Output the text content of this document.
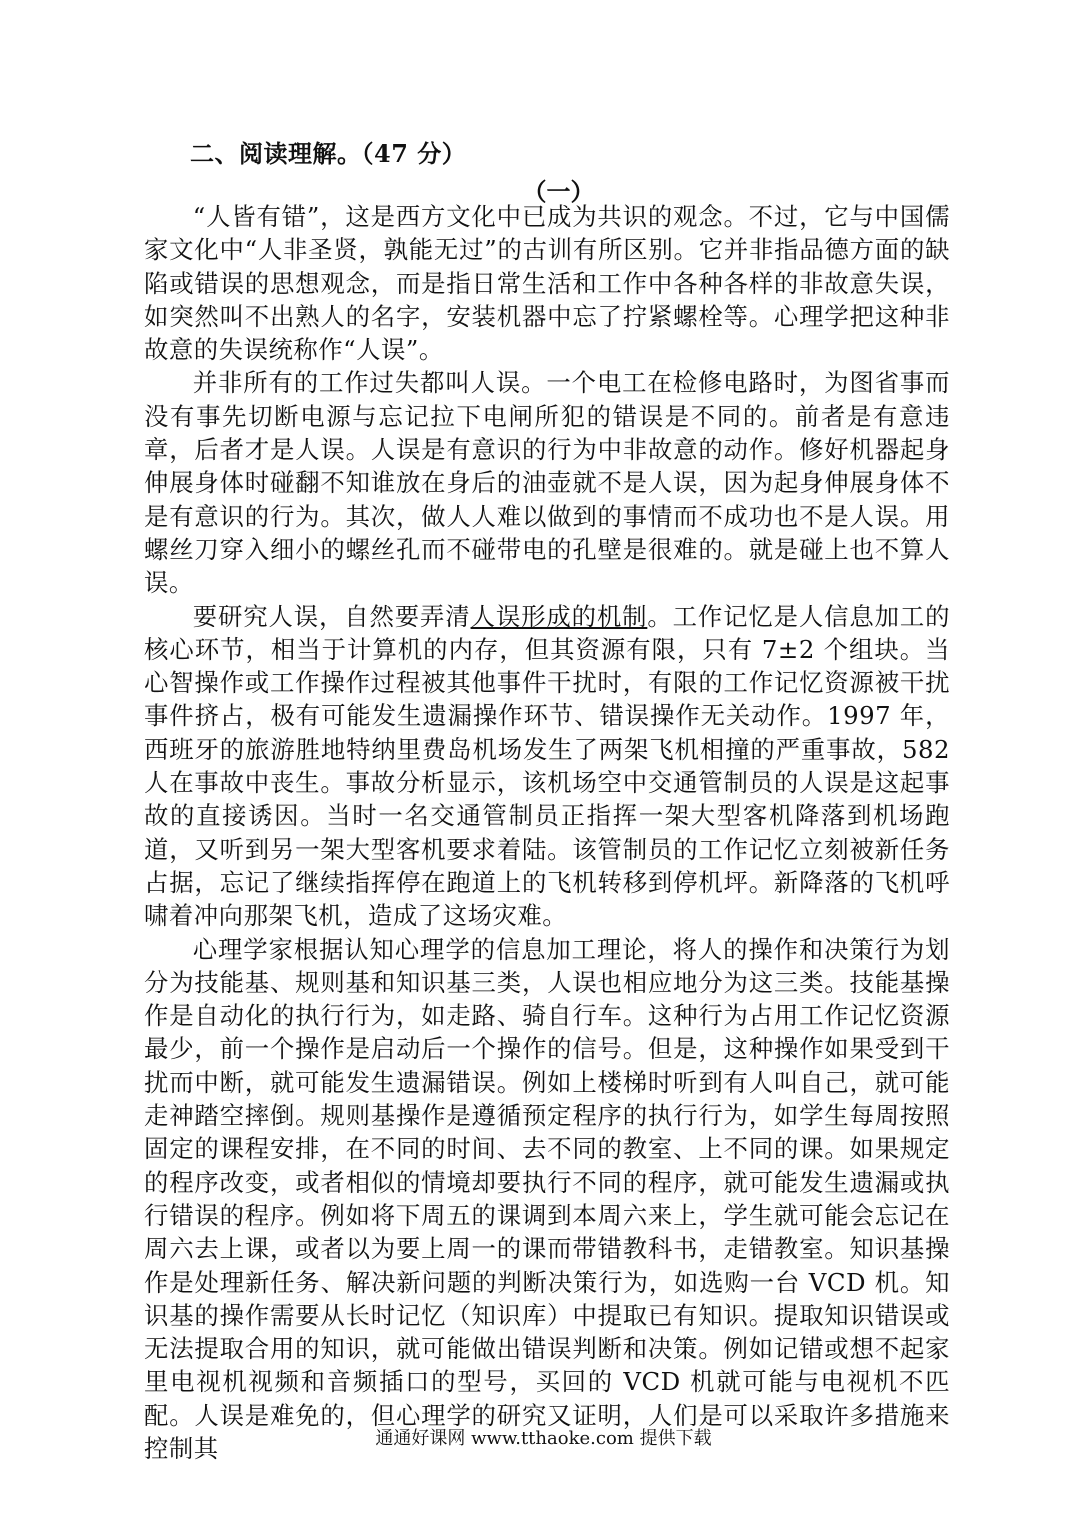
二、阅读理解。（47 分）
（一）

“人皆有错”，这是西方文化中已成为共识的观念。不过，它与中国儒家文化中“人非圣贤，孰能无过”的古训有所区别。它并非指品德方面的缺陷或错误的思想观念，而是指日常生活和工作中各种各样的非故意失误，如突然叫不出熟人的名字，安装机器中忘了拧紧螺栓等。心理学把这种非故意的失误统称作“人误”。

并非所有的工作过失都叫人误。一个电工在检修电路时，为图省事而没有事先切断电源与忘记拉下电闸所犯的错误是不同的。前者是有意违章，后者才是人误。人误是有意识的行为中非故意的动作。修好机器起身伸展身体时碰翻不知谁放在身后的油壶就不是人误，因为起身伸展身体不是有意识的行为。其次，做人人难以做到的事情而不成功也不是人误。用螺丝刀穿入细小的螺丝孔而不碰带电的孔壁是很难的。就是碰上也不算人误。

要研究人误，自然要弄清人误形成的机制。工作记忆是人信息加工的核心环节，相当于计算机的内存，但其资源有限，只有 7±2 个组块。当心智操作或工作操作过程被其他事件干扰时，有限的工作记忆资源被干扰事件挤占，极有可能发生遗漏操作环节、错误操作无关动作。1997 年，西班牙的旅游胜地特纳里费岛机场发生了两架飞机相撞的严重事故，582 人在事故中丧生。事故分析显示，该机场空中交通管制员的人误是这起事故的直接诱因。当时一名交通管制员正指挥一架大型客机降落到机场跑道，又听到另一架大型客机要求着陆。该管制员的工作记忆立刻被新任务占据，忘记了继续指挥停在跑道上的飞机转移到停机坪。新降落的飞机呼啸着冲向那架飞机，造成了这场灾难。

心理学家根据认知心理学的信息加工理论，将人的操作和决策行为划分为技能基、规则基和知识基三类，人误也相应地分为这三类。技能基操作是自动化的执行行为，如走路、骑自行车。这种行为占用工作记忆资源最少，前一个操作是启动后一个操作的信号。但是，这种操作如果受到干扰而中断，就可能发生遗漏错误。例如上楼梯时听到有人叫自己，就可能走神踏空摔倒。规则基操作是遵循预定程序的执行行为，如学生每周按照固定的课程安排，在不同的时间、去不同的教室、上不同的课。如果规定的程序改变，或者相似的情境却要执行不同的程序，就可能发生遗漏或执行错误的程序。例如将下周五的课调到本周六来上，学生就可能会忘记在周六去上课，或者以为要上周一的课而带错教科书，走错教室。知识基操作是处理新任务、解决新问题的判断决策行为，如选购一台 VCD 机。知识基的操作需要从长时记忆（知识库）中提取已有知识。提取知识错误或无法提取合用的知识，就可能做出错误判断和决策。例如记错或想不起家里电视机视频和音频插口的型号，买回的 VCD 机就可能与电视机不匹配。人误是难免的，但心理学的研究又证明，人们是可以采取许多措施来控制其	通通好课网 www.tthaoke.com 提供下载
